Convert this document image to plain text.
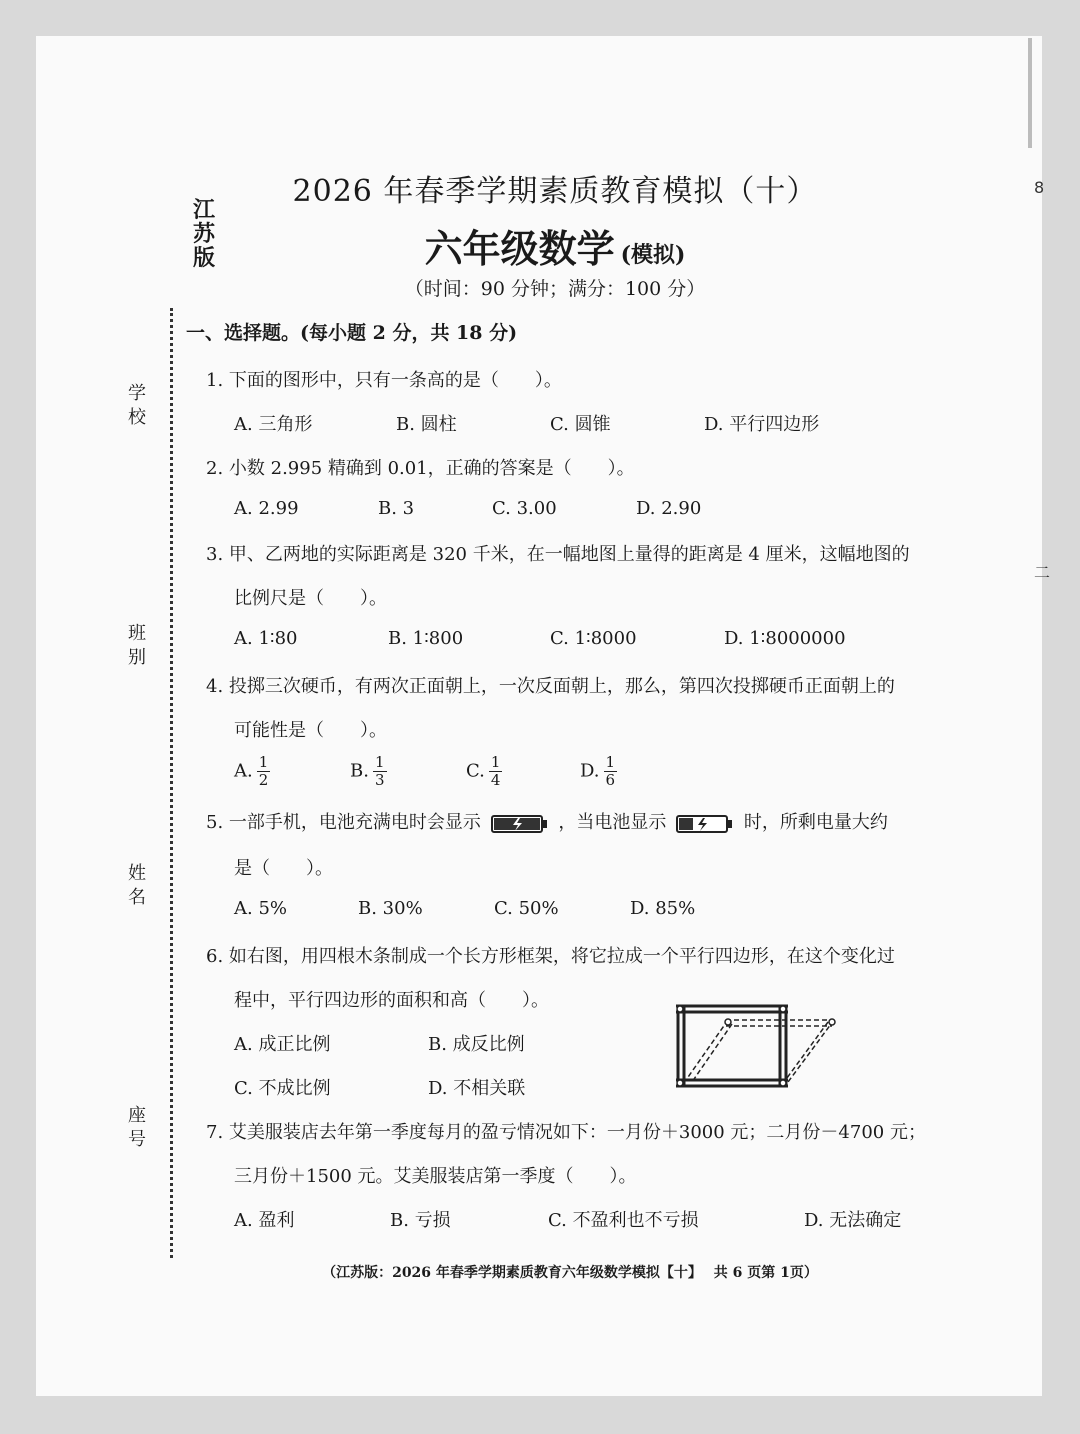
8
二
江
苏
版
2026 年春季学期素质教育模拟（十）
六年级数学 (模拟)
（时间：90 分钟；满分：100 分）
学
校
班
别
姓
名
座
号
一、选择题。(每小题 2 分，共 18 分)
1. 下面的图形中，只有一条高的是（　　）。
A. 三角形	B. 圆柱	C. 圆锥	D. 平行四边形
2. 小数 2.995 精确到 0.01，正确的答案是（　　）。
A. 2.99	B. 3	C. 3.00	D. 2.90
3. 甲、乙两地的实际距离是 320 千米，在一幅地图上量得的距离是 4 厘米，这幅地图的
比例尺是（　　）。
A. 1∶80	B. 1∶800	C. 1∶8000	D. 1∶8000000
4. 投掷三次硬币，有两次正面朝上，一次反面朝上，那么，第四次投掷硬币正面朝上的
可能性是（　　）。
A. $\frac{1}{2}$	B. $\frac{1}{3}$	C. $\frac{1}{4}$	D. $\frac{1}{6}$
5. 一部手机，电池充满电时会显示	，当电池显示	时，所剩电量大约
是（　　）。
A. 5%	B. 30%	C. 50%	D. 85%
6. 如右图，用四根木条制成一个长方形框架，将它拉成一个平行四边形，在这个变化过
程中，平行四边形的面积和高（　　）。
A. 成正比例	B. 成反比例
C. 不成比例	D. 不相关联
7. 艾美服装店去年第一季度每月的盈亏情况如下：一月份＋3000 元；二月份－4700 元；
三月份＋1500 元。艾美服装店第一季度（　　）。
A. 盈利	B. 亏损	C. 不盈利也不亏损	D. 无法确定
（江苏版：2026 年春季学期素质教育六年级数学模拟【十】　 共 6 页第 1页）
